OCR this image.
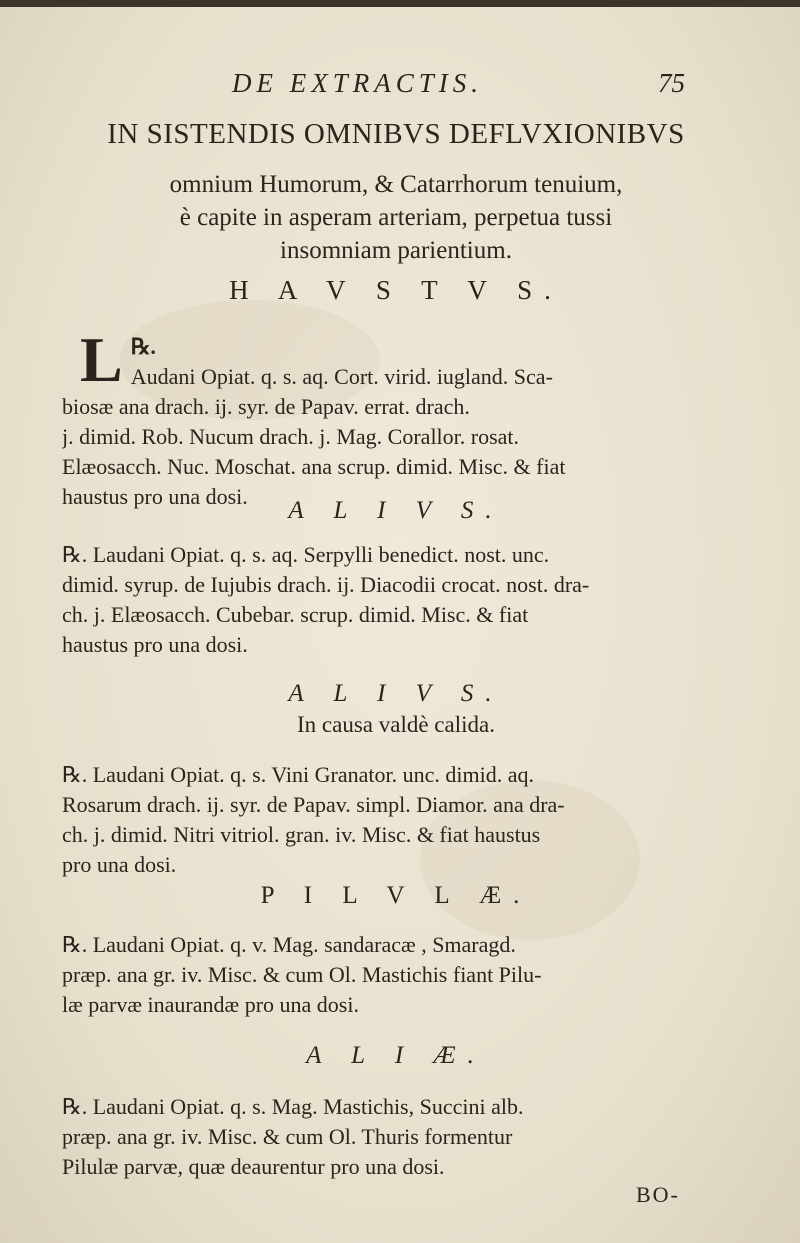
DE EXTRACTIS.	75
IN SISTENDIS OMNIBVS DEFLVXIONIBVS
omnium Humorum, & Catarrhorum tenuium,
è capite in asperam arteriam, perpetua tussi
insomniam parientium.
H A V S T V S.
℞.
L Audani Opiat. q. s. aq. Cort. virid. iugland. Sca-
biosæ ana drach. ij. syr. de Papav. errat. drach.
j. dimid. Rob. Nucum drach. j. Mag. Corallor. rosat.
Elæosacch. Nuc. Moschat. ana scrup. dimid. Misc. & fiat
haustus pro una dosi.
A L I V S.
℞. Laudani Opiat. q. s. aq. Serpylli benedict. nost. unc.
dimid. syrup. de Iujubis drach. ij. Diacodii crocat. nost. dra-
ch. j. Elæosacch. Cubebar. scrup. dimid. Misc. & fiat
haustus pro una dosi.
A L I V S.
In causa valdè calida.
℞. Laudani Opiat. q. s. Vini Granator. unc. dimid. aq.
Rosarum drach. ij. syr. de Papav. simpl. Diamor. ana dra-
ch. j. dimid. Nitri vitriol. gran. iv. Misc. & fiat haustus
pro una dosi.
P I L V L Æ.
℞. Laudani Opiat. q. v. Mag. sandaracæ , Smaragd.
præp. ana gr. iv. Misc. & cum Ol. Mastichis fiant Pilu-
læ parvæ inaurandæ pro una dosi.
A L I Æ.
℞. Laudani Opiat. q. s. Mag. Mastichis, Succini alb.
præp. ana gr. iv. Misc. & cum Ol. Thuris formentur
Pilulæ parvæ, quæ deaurentur pro una dosi.
BO-
